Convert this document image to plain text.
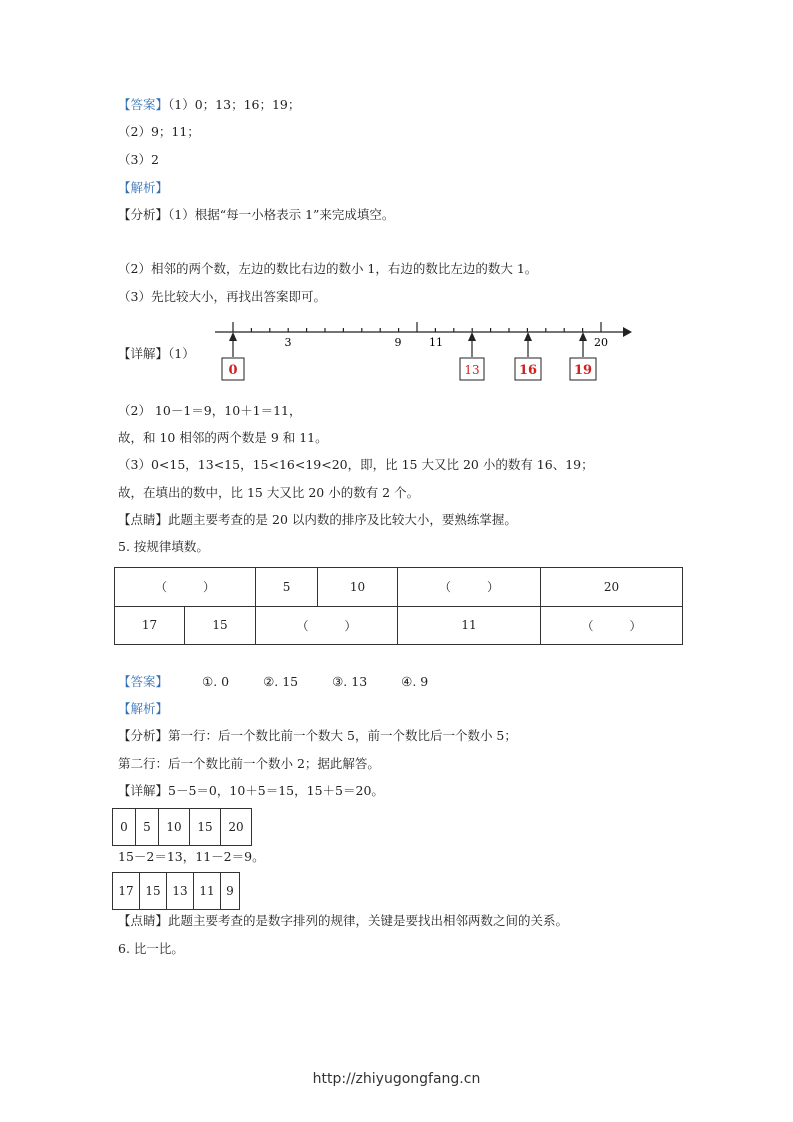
【答案】（1）0；13；16；19；
（2）9；11；
（3）2
【解析】
【分析】（1）根据“每一小格表示 1”来完成填空。
（2）相邻的两个数，左边的数比右边的数小 1，右边的数比左边的数大 1。
（3）先比较大小，再找出答案即可。
【详解】（1）
3	9	11	20
0	13	16	19
（2） 10－1＝9，10＋1＝11，
故，和 10 相邻的两个数是 9 和 11。
（3）0<15，13<15，15<16<19<20，即，比 15 大又比 20 小的数有 16、19；
故，在填出的数中，比 15 大又比 20 小的数有 2 个。
【点睛】此题主要考查的是 20 以内数的排序及比较大小，要熟练掌握。
5. 按规律填数。
（　　　）		5	10	（　　　）	20
17	15	（　　　）		11	（　　　）
【答案】	①. 0	②. 15	③. 13	④. 9
【解析】
【分析】第一行：后一个数比前一个数大 5，前一个数比后一个数小 5；
第二行：后一个数比前一个数小 2；据此解答。
【详解】5－5＝0，10＋5＝15，15＋5＝20。
0	5	10	15	20
15－2＝13，11－2＝9。
17	15	13	11	9
【点睛】此题主要考查的是数字排列的规律，关键是要找出相邻两数之间的关系。
6. 比一比。
http://zhiyugongfang.cn
